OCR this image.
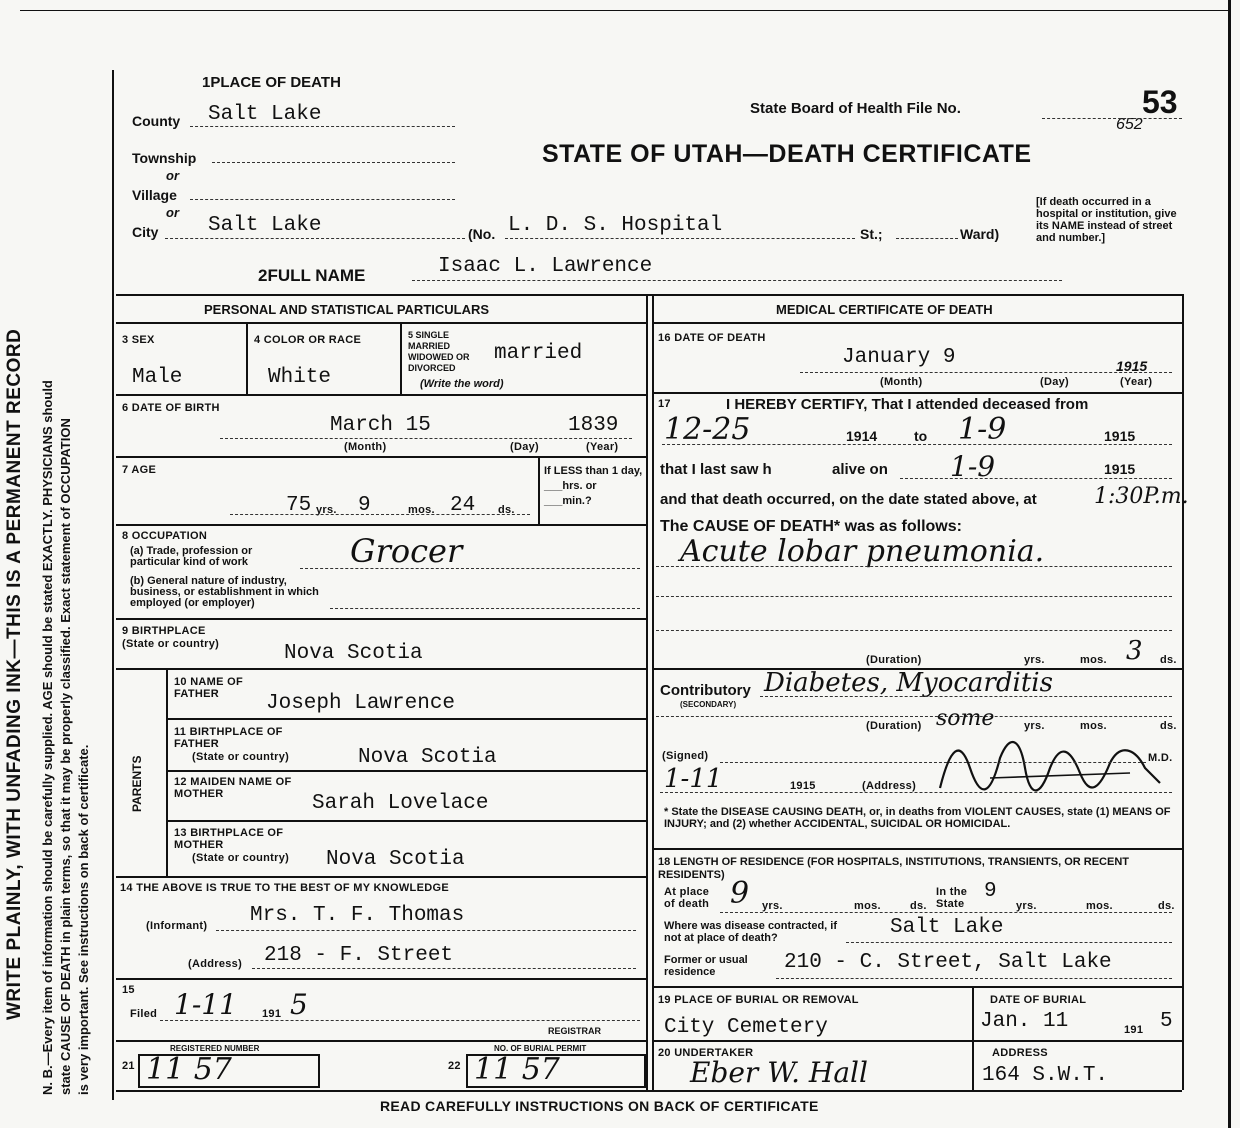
WRITE PLAINLY, WITH UNFADING INK—THIS IS A PERMANENT RECORD N. B.—Every item of information should be carefully supplied. AGE should be stated EXACTLY. PHYSICIANS should state CAUSE OF DEATH in plain terms, so that it may be properly classified. Exact statement of OCCUPATION is very important. See instructions on back of certificate.
1PLACE OF DEATH
County Salt Lake
Township
or
Village
or
City Salt Lake	(No. L. D. S. Hospital	St.;	Ward)
State Board of Health File No.	53
652
STATE OF UTAH—DEATH CERTIFICATE
[If death occurred in a hospital or institution, give its NAME instead of street and number.]
2FULL NAME	Isaac L. Lawrence
PERSONAL AND STATISTICAL PARTICULARS
3 SEX
Male
4 COLOR OR RACE
White
5 SINGLE MARRIED WIDOWED OR DIVORCED
married
(Write the word)
6 DATE OF BIRTH
March 15	1839
(Month)	(Day)	(Year)
7 AGE
75 yrs. 9	mos. 24 ds.
If LESS than 1 day, ___hrs. or ___min.?
8 OCCUPATION
(a) Trade, profession or particular kind of work	Grocer
(b) General nature of industry, business, or establishment in which employed (or employer)
9 BIRTHPLACE
(State or country)	Nova Scotia
PARENTS
10 NAME OF FATHER	Joseph Lawrence
11 BIRTHPLACE OF FATHER
(State or country)	Nova Scotia
12 MAIDEN NAME OF MOTHER	Sarah Lovelace
13 BIRTHPLACE OF MOTHER
(State or country) Nova Scotia
14 THE ABOVE IS TRUE TO THE BEST OF MY KNOWLEDGE
(Informant) Mrs. T. F. Thomas
(Address) 218 - F. Street
15
Filed 1-11 191 5
REGISTRAR
21
REGISTERED NUMBER
11 57	22
NO. OF BURIAL PERMIT
11 57
MEDICAL CERTIFICATE OF DEATH
16 DATE OF DEATH
January 9	1915
(Month)	(Day)	(Year)
17	I HEREBY CERTIFY, That I attended deceased from
12-25	1914	to 1-9	1915
that I last saw h	alive on 1-9	1915
and that death occurred, on the date stated above, at	1:30P.m.
The CAUSE OF DEATH* was as follows:
Acute lobar pneumonia.
(Duration)	yrs.	mos. 3 ds.
Contributory
(SECONDARY)
Diabetes, Myocarditis
(Duration) some	yrs.	mos.	ds.
(Signed)	M.D.
1-11	1915	(Address)
* State the DISEASE CAUSING DEATH, or, in deaths from VIOLENT CAUSES, state (1) MEANS OF INJURY; and (2) whether ACCIDENTAL, SUICIDAL OR HOMICIDAL.
18 LENGTH OF RESIDENCE (FOR HOSPITALS, INSTITUTIONS, TRANSIENTS, OR RECENT RESIDENTS)
At place of death 9 yrs.	mos.	ds.
In the State
9
yrs.	mos.	ds.
Where was disease contracted, if not at place of death?	Salt Lake
Former or usual residence	210 - C. Street, Salt Lake
19 PLACE OF BURIAL OR REMOVAL
City Cemetery
DATE OF BURIAL
Jan. 11	191 5
20 UNDERTAKER
Eber W. Hall
ADDRESS
164 S.W.T.
READ CAREFULLY INSTRUCTIONS ON BACK OF CERTIFICATE
